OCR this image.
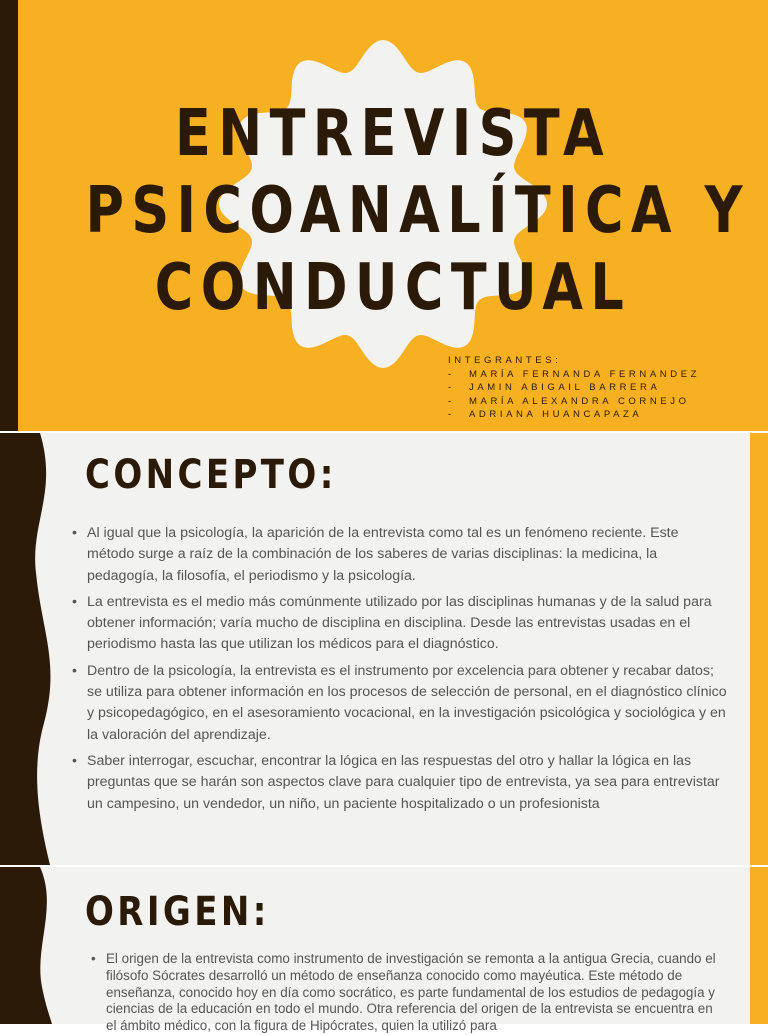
ENTREVISTA
PSICOANALÍTICA Y
CONDUCTUAL
INTEGRANTES:
- MARÍA FERNANDA FERNANDEZ
- JAMIN ABIGAIL BARRERA
- MARÍA ALEXANDRA CORNEJO
- ADRIANA HUANCAPAZA
CONCEPTO:
• Al igual que la psicología, la aparición de la entrevista como tal es un fenómeno reciente. Este método surge a raíz de la combinación de los saberes de varias disciplinas: la medicina, la pedagogía, la filosofía, el periodismo y la psicología.
• La entrevista es el medio más comúnmente utilizado por las disciplinas humanas y de la salud para obtener información; varía mucho de disciplina en disciplina. Desde las entrevistas usadas en el periodismo hasta las que utilizan los médicos para el diagnóstico.
• Dentro de la psicología, la entrevista es el instrumento por excelencia para obtener y recabar datos; se utiliza para obtener información en los procesos de selección de personal, en el diagnóstico clínico y psicopedagógico, en el asesoramiento vocacional, en la investigación psicológica y sociológica y en la valoración del aprendizaje.
• Saber interrogar, escuchar, encontrar la lógica en las respuestas del otro y hallar la lógica en las preguntas que se harán son aspectos clave para cualquier tipo de entrevista, ya sea para entrevistar un campesino, un vendedor, un niño, un paciente hospitalizado o un profesionista
ORIGEN:
• El origen de la entrevista como instrumento de investigación se remonta a la antigua Grecia, cuando el filósofo Sócrates desarrolló un método de enseñanza conocido como mayéutica. Este método de enseñanza, conocido hoy en día como socrático, es parte fundamental de los estudios de pedagogía y ciencias de la educación en todo el mundo. Otra referencia del origen de la entrevista se encuentra en el ámbito médico, con la figura de Hipócrates, quien la utilizó para
